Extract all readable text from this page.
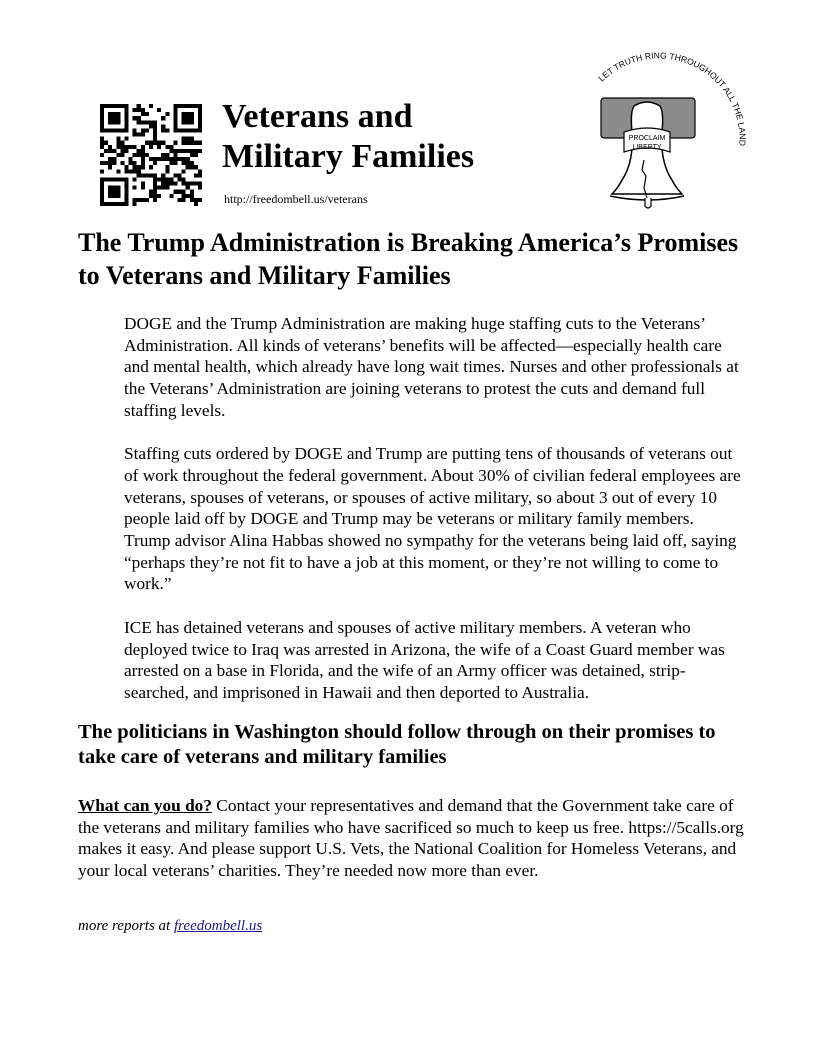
Veterans and
Military Families
http://freedombell.us/veterans
LET TRUTH RING THROUGHOUT ALL THE LAND
PROCLAIM
LIBERTY
The Trump Administration is Breaking America’s Promises to Veterans and Military Families

DOGE and the Trump Administration are making huge staffing cuts to the Veterans’ Administration. All kinds of veterans’ benefits will be affected—especially health care and mental health, which already have long wait times. Nurses and other professionals at the Veterans’ Administration are joining veterans to protest the cuts and demand full staffing levels.

Staffing cuts ordered by DOGE and Trump are putting tens of thousands of veterans out of work throughout the federal government. About 30% of civilian federal employees are veterans, spouses of veterans, or spouses of active military, so about 3 out of every 10 people laid off by DOGE and Trump may be veterans or military family members. Trump advisor Alina Habbas showed no sympathy for the veterans being laid off, saying “perhaps they’re not fit to have a job at this moment, or they’re not willing to come to work.”

ICE has detained veterans and spouses of active military members. A veteran who deployed twice to Iraq was arrested in Arizona, the wife of a Coast Guard member was arrested on a base in Florida, and the wife of an Army officer was detained, strip-searched, and imprisoned in Hawaii and then deported to Australia.

The politicians in Washington should follow through on their promises to take care of veterans and military families

What can you do? Contact your representatives and demand that the Government take care of the veterans and military families who have sacrificed so much to keep us free. https://5calls.org makes it easy. And please support U.S. Vets, the National Coalition for Homeless Veterans, and your local veterans’ charities. They’re needed now more than ever.

more reports at freedombell.us
